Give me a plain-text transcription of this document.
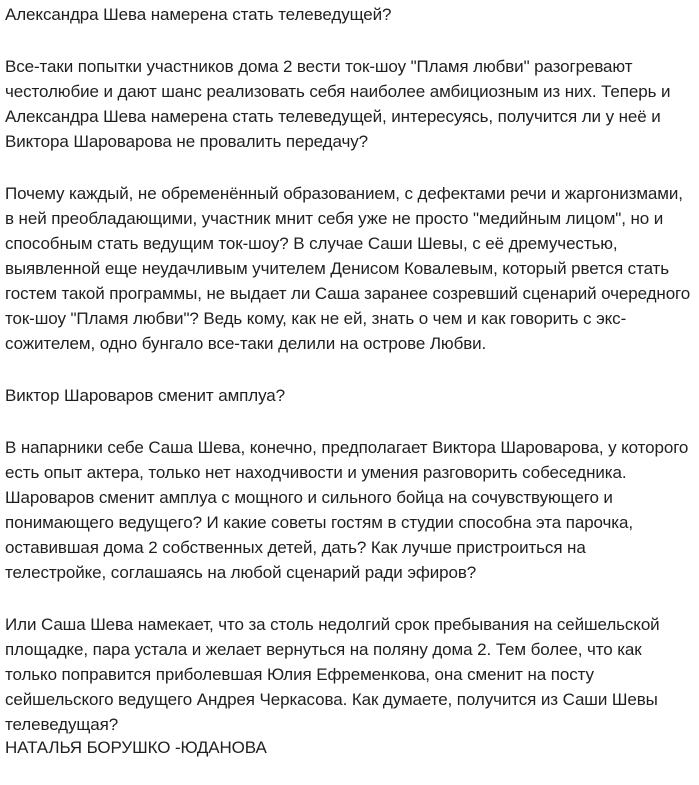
Александра Шева намерена стать телеведущей?

Все-таки попытки участников дома 2 вести ток-шоу "Пламя любви" разогревают честолюбие и дают шанс реализовать себя наиболее амбициозным из них. Теперь и Александра Шева намерена стать телеведущей, интересуясь, получится ли у неё и Виктора Шароварова не провалить передачу?

Почему каждый, не обременённый образованием, с дефектами речи и жаргонизмами, в ней преобладающими, участник мнит себя уже не просто "медийным лицом", но и способным стать ведущим ток-шоу? В случае Саши Шевы, с её дремучестью, выявленной еще неудачливым учителем Денисом Ковалевым, который рвется стать гостем такой программы, не выдает ли Саша заранее созревший сценарий очередного ток-шоу "Пламя любви"? Ведь кому, как не ей, знать о чем и как говорить с экс-сожителем, одно бунгало все-таки делили на острове Любви.

Виктор Шароваров сменит амплуа?

В напарники себе Саша Шева, конечно, предполагает Виктора Шароварова, у которого есть опыт актера, только нет находчивости и умения разговорить собеседника. Шароваров сменит амплуа с мощного и сильного бойца на сочувствующего и понимающего ведущего? И какие советы гостям в студии способна эта парочка, оставившая дома 2 собственных детей, дать? Как лучше пристроиться на телестройке, соглашаясь на любой сценарий ради эфиров?

Или Саша Шева намекает, что за столь недолгий срок пребывания на сейшельской площадке, пара устала и желает вернуться на поляну дома 2. Тем более, что как только поправится приболевшая Юлия Ефременкова, она сменит на посту сейшельского ведущего Андрея Черкасова. Как думаете, получится из Саши Шевы телеведущая?

НАТАЛЬЯ БОРУШКО -ЮДАНОВА
